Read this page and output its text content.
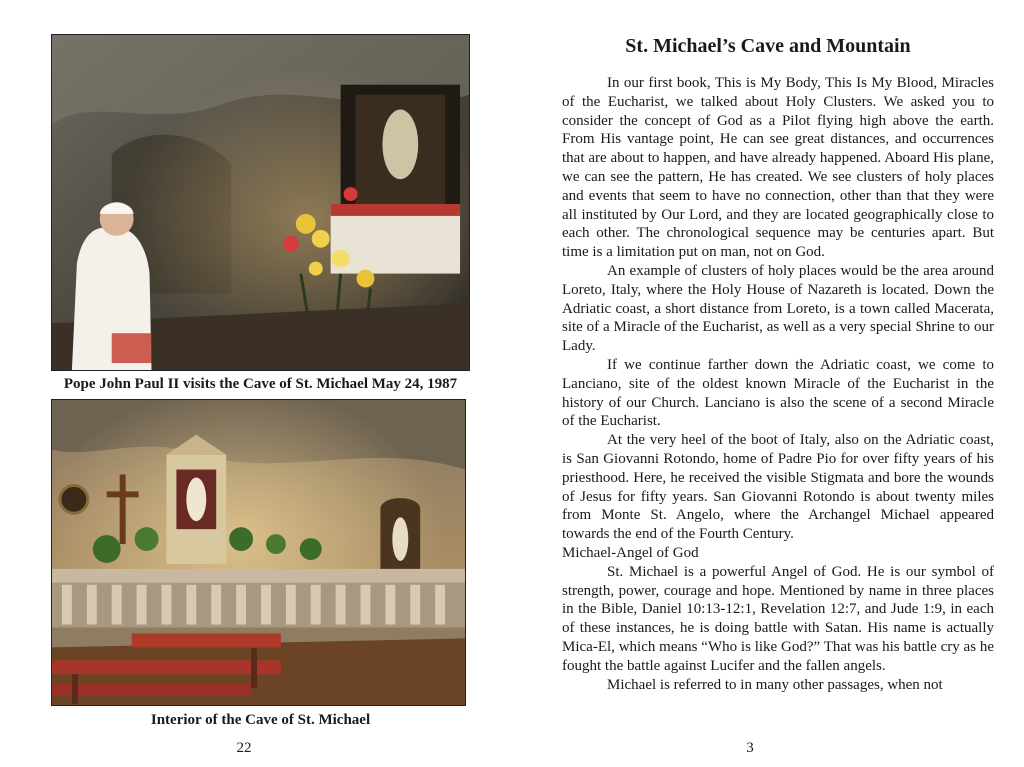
Pope John Paul II visits the Cave of St. Michael May 24, 1987
Interior of the Cave of St. Michael
22
St. Michael’s Cave and Mountain

In our first book, This is My Body, This Is My Blood, Miracles of the Eucharist, we talked about Holy Clusters. We asked you to consider the concept of God as a Pilot flying high above the earth. From His vantage point, He can see great distances, and occurrences that are about to happen, and have already happened. Aboard His plane, we can see the pattern, He has created. We see clusters of holy places and events that seem to have no connection, other than that they were all instituted by Our Lord, and they are located geographically close to each other. The chronological sequence may be centuries apart. But time is a limitation put on man, not on God.

An example of clusters of holy places would be the area around Loreto, Italy, where the Holy House of Nazareth is located. Down the Adriatic coast, a short distance from Loreto, is a town called Macerata, site of a Miracle of the Eucharist, as well as a very special Shrine to our Lady.

If we continue farther down the Adriatic coast, we come to Lanciano, site of the oldest known Miracle of the Eucharist in the history of our Church. Lanciano is also the scene of a second Miracle of the Eucharist.

At the very heel of the boot of Italy, also on the Adriatic coast, is San Giovanni Rotondo, home of Padre Pio for over fifty years of his priesthood. Here, he received the visible Stigmata and bore the wounds of Jesus for fifty years. San Giovanni Rotondo is about twenty miles from Monte St. Angelo, where the Archangel Michael appeared towards the end of the Fourth Century.

Michael-Angel of God

St. Michael is a powerful Angel of God. He is our symbol of strength, power, courage and hope. Mentioned by name in three places in the Bible, Daniel 10:13-12:1, Revelation 12:7, and Jude 1:9, in each of these instances, he is doing battle with Satan. His name is actually Mica-El, which means “Who is like God?” That was his battle cry as he fought the battle against Lucifer and the fallen angels.

Michael is referred to in many other passages, when not

3
